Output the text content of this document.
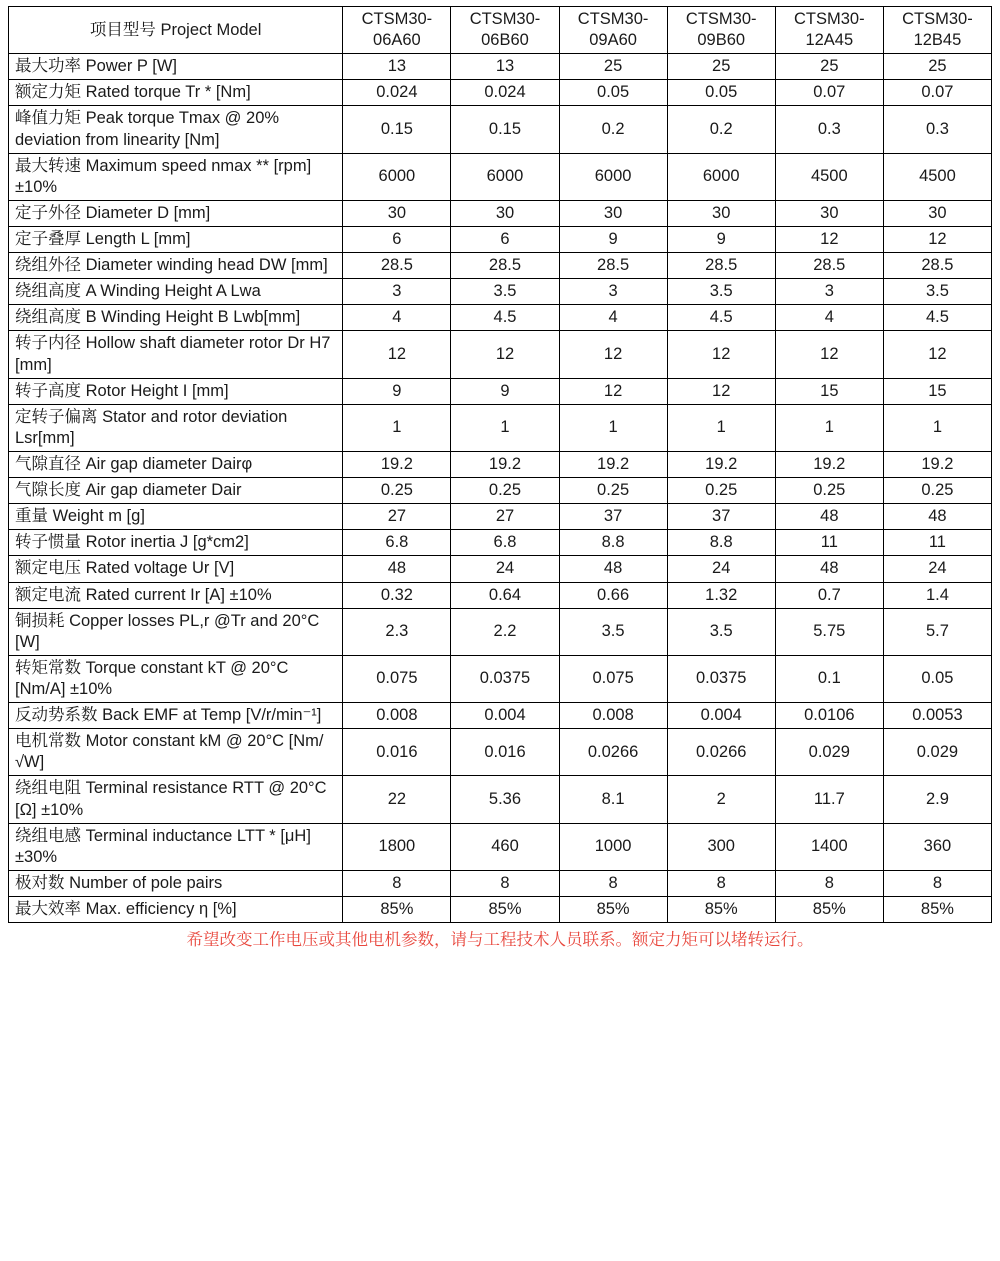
项目型号 Project Model	CTSM30-06A60	CTSM30-06B60	CTSM30-09A60	CTSM30-09B60	CTSM30-12A45	CTSM30-12B45
最大功率 Power P [W]	13	13	25	25	25	25
额定力矩 Rated torque Tr * [Nm]	0.024	0.024	0.05	0.05	0.07	0.07
峰值力矩 Peak torque Tmax @ 20% deviation from linearity [Nm]	0.15	0.15	0.2	0.2	0.3	0.3
最大转速 Maximum speed nmax ** [rpm] ±10%	6000	6000	6000	6000	4500	4500
定子外径 Diameter D [mm]	30	30	30	30	30	30
定子叠厚 Length L [mm]	6	6	9	9	12	12
绕组外径 Diameter winding head DW [mm]	28.5	28.5	28.5	28.5	28.5	28.5
绕组高度 A Winding Height A Lwa	3	3.5	3	3.5	3	3.5
绕组高度 B Winding Height B Lwb[mm]	4	4.5	4	4.5	4	4.5
转子内径 Hollow shaft diameter rotor Dr H7 [mm]	12	12	12	12	12	12
转子高度 Rotor Height I [mm]	9	9	12	12	15	15
定转子偏离 Stator and rotor deviation Lsr[mm]	1	1	1	1	1	1
气隙直径 Air gap diameter Dairφ	19.2	19.2	19.2	19.2	19.2	19.2
气隙长度 Air gap diameter Dair	0.25	0.25	0.25	0.25	0.25	0.25
重量 Weight m [g]	27	27	37	37	48	48
转子惯量 Rotor inertia J [g*cm2]	6.8	6.8	8.8	8.8	11	11
额定电压 Rated voltage Ur [V]	48	24	48	24	48	24
额定电流 Rated current Ir [A] ±10%	0.32	0.64	0.66	1.32	0.7	1.4
铜损耗 Copper losses PL,r @Tr and 20°C [W]	2.3	2.2	3.5	3.5	5.75	5.7
转矩常数 Torque constant kT @ 20°C [Nm/A] ±10%	0.075	0.0375	0.075	0.0375	0.1	0.05
反动势系数 Back EMF at Temp [V/r/min⁻¹]	0.008	0.004	0.008	0.004	0.0106	0.0053
电机常数 Motor constant kM @ 20°C [Nm/√W]	0.016	0.016	0.0266	0.0266	0.029	0.029
绕组电阻 Terminal resistance RTT @ 20°C [Ω] ±10%	22	5.36	8.1	2	11.7	2.9
绕组电感 Terminal inductance LTT * [μH] ±30%	1800	460	1000	300	1400	360
极对数 Number of pole pairs	8	8	8	8	8	8
最大效率 Max. efficiency η [%]	85%	85%	85%	85%	85%	85%
希望改变工作电压或其他电机参数，请与工程技术人员联系。额定力矩可以堵转运行。
